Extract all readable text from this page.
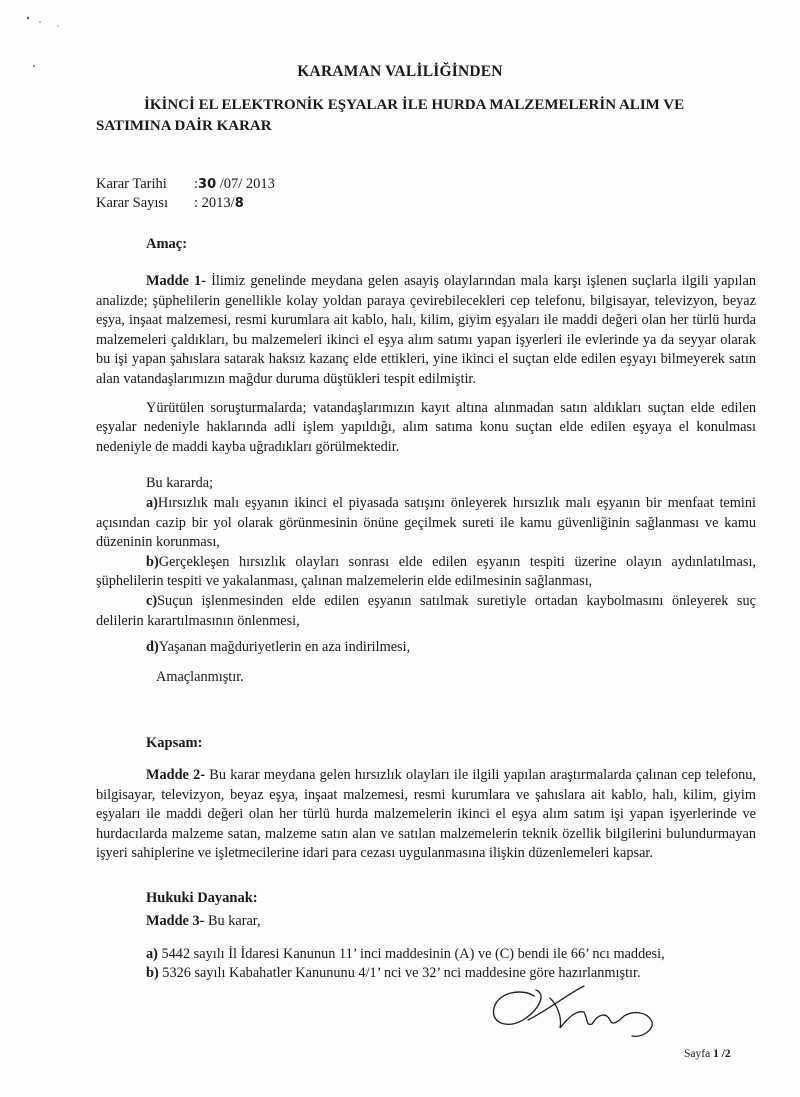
KARAMAN VALİLİĞİNDEN
İKİNCİ EL ELEKTRONİK EŞYALAR İLE HURDA MALZEMELERİN ALIM VE
SATIMINA DAİR KARAR
Karar Tarihi	:30 /07/ 2013
Karar Sayısı	: 2013/8
Amaç:

Madde 1- İlimiz genelinde meydana gelen asayiş olaylarından mala karşı işlenen suçlarla ilgili yapılan analizde; şüphelilerin genellikle kolay yoldan paraya çevirebilecekleri cep telefonu, bilgisayar, televizyon, beyaz eşya, inşaat malzemesi, resmi kurumlara ait kablo, halı, kilim, giyim eşyaları ile maddi değeri olan her türlü hurda malzemeleri çaldıkları, bu malzemeleri ikinci el eşya alım satımı yapan işyerleri ile evlerinde ya da seyyar olarak bu işi yapan şahıslara satarak haksız kazanç elde ettikleri, yine ikinci el suçtan elde edilen eşyayı bilmeyerek satın alan vatandaşlarımızın mağdur duruma düştükleri tespit edilmiştir.

Yürütülen soruşturmalarda; vatandaşlarımızın kayıt altına alınmadan satın aldıkları suçtan elde edilen eşyalar nedeniyle haklarında adli işlem yapıldığı, alım satıma konu suçtan elde edilen eşyaya el konulması nedeniyle de maddi kayba uğradıkları görülmektedir.

Bu kararda;

a)Hırsızlık malı eşyanın ikinci el piyasada satışını önleyerek hırsızlık malı eşyanın bir menfaat temini açısından cazip bir yol olarak görünmesinin önüne geçilmek sureti ile kamu güvenliğinin sağlanması ve kamu düzeninin korunması,

b)Gerçekleşen hırsızlık olayları sonrası elde edilen eşyanın tespiti üzerine olayın aydınlatılması, şüphelilerin tespiti ve yakalanması, çalınan malzemelerin elde edilmesinin sağlanması,

c)Suçun işlenmesinden elde edilen eşyanın satılmak suretiyle ortadan kaybolmasını önleyerek suç delilerin karartılmasının önlenmesi,

d)Yaşanan mağduriyetlerin en aza indirilmesi,

Amaçlanmıştır.

Kapsam:

Madde 2- Bu karar meydana gelen hırsızlık olayları ile ilgili yapılan araştırmalarda çalınan cep telefonu, bilgisayar, televizyon, beyaz eşya, inşaat malzemesi, resmi kurumlara ve şahıslara ait kablo, halı, kilim, giyim eşyaları ile maddi değeri olan her türlü hurda malzemelerin ikinci el eşya alım satım işi yapan işyerlerinde ve hurdacılarda malzeme satan, malzeme satın alan ve satılan malzemelerin teknik özellik bilgilerini bulundurmayan işyeri sahiplerine ve işletmecilerine idari para cezası uygulanmasına ilişkin düzenlemeleri kapsar.

Hukuki Dayanak:

Madde 3- Bu karar,

a) 5442 sayılı İl İdaresi Kanunun 11’ inci maddesinin (A) ve (C) bendi ile 66’ ncı maddesi,

b) 5326 sayılı Kabahatler Kanununu 4/1’ nci ve 32’ nci maddesine göre hazırlanmıştır.

Sayfa 1 /2
